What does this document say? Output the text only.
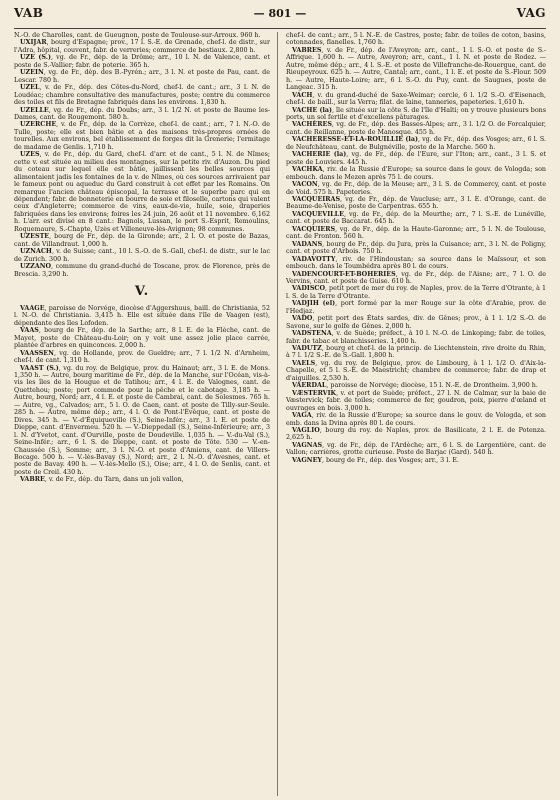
VAB	— 801 —	VAG

N.-O. de Charolles, cant. de Gueugnon, poste de Toulouse-sur-Arroux. 960 h.

UXIJAR, bourg d'Espagne; prov., 17 l. S.-E. de Grenade, chef-l. de distr., sur l'Adra, hôpital, couvent, fabr. de verreries; commerce de bestiaux. 2,800 h.

UZE (S.), vg. de Fr., dép. de la Drôme; arr., 10 l. N. de Valence, cant. et poste de S.-Vallier; fabr. de poterie. 365 h.

UZEIN, vg. de Fr., dép. des B.-Pyrén.; arr., 3 l. N. et poste de Pau, cant. de Lescar. 780 h.

UZEL, v. de Fr., dép. des Côtes-du-Nord, chef-l. de cant.; arr., 3 l. N. de Loudéac; chambre consultative des manufactures, poste; centre du commerce des toiles et fils de Bretagne fabriqués dans les environs. 1,830 h.

UZELLE, vg. de Fr., dép. du Doubs; arr., 3 l. 1/2 N. et poste de Baume les-Dames, cant. de Rougemont. 580 h.

UZERCHE, v. de Fr., dép. de la Corrèze, chef-l. de cant.; arr., 7 l. N.-O. de Tulle, poste; elle est bien bâtie et a des maisons très-propres ornées de tourelles. Aux environs, bel établissement de forges dit la Grenerie; l'ermitage de madame de Genlis. 1,710 h.

UZES, v. de Fr., dép. du Gard, chef-l. d'arr. et de cant., 5 l. N. de Nîmes; cette v. est située au milieu des montagnes, sur la petite riv. d'Auzon. Du pied du coteau sur lequel elle est bâtie, jaillissent les belles sources qui alimentaient jadis les fontaines de la v. de Nîmes, où ces sources arrivaient par le fameux pont ou aqueduc du Gard construit à cet effet par les Romains. On remarque l'ancien château épiscopal, la terrasse et le superbe parc qui en dépendent; fabr. de bonneterie en bourre de soie et filoselle, cartons qui valent ceux d'Angleterre; commerce de vins, eaux-de-vie, huile, soie, draperies fabriquées dans les environs; foires les 24 juin, 26 août et 11 novembre. 6,162 h. L'arr. est divisé en 8 cant.: Bagnols, Lussan, le port S.-Esprit, Remoulins, Roquemaure, S.-Chapte, Uzès et Villeneuve-lès-Avignon; 98 communes.

UZESTE, bourg de Fr., dép. de la Gironde; arr., 2 l. O. et poste de Bazas, cant. de Villandraut. 1,000 h.

UZNACH, v. de Suisse; cant., 10 l. S.-O. de S.-Gall, chef-l. de distr., sur le lac de Zurich. 300 h.

UZZANO, commune du grand-duché de Toscane, prov. de Florence, près de Brescia. 3,290 h.

V.

VAAGE, paroisse de Norvége, diocèse d'Aggershuus, baill. de Christiania, 52 l. N.-O. de Christiania. 3,415 h. Elle est située dans l'île de Vaagen (est), dépendante des îles Lofoden.

VAAS, bourg de Fr., dép. de la Sarthe; arr., 8 l. E. de la Flèche, cant. de Mayet, poste de Château-du-Loir; on y voit une assez jolie place carrée, plantée d'arbres en quinconces. 2,000 h.

VAASSEN, vg. de Hollande, prov. de Gueldre; arr., 7 l. 1/2 N. d'Arnheim, chef-l. de cant. 1,310 h.

VAAST (S.), vg. du roy. de Belgique, prov. du Hainaut; arr., 3 l. E. de Mons. 1,350 h. — Autre, bourg maritime de Fr., dép. de la Manche, sur l'Océan, vis-à-vis les îles de la Hougue et de Tatihou; arr., 4 l. E. de Valognes, cant. de Quettehou; poste; port commode pour la pêche et le cabotage. 3,185 h. — Autre, bourg, Nord; arr., 4 l. E. et poste de Cambrai, cant. de Solesmes. 765 h. — Autre, vg., Calvados; arr., 5 l. O. de Caen, cant. et poste de Tilly-sur-Seule. 285 h. — Autre, même dép.; arr., 4 l. O. de Pont-l'Évêque, cant. et poste de Dives. 345 h. — V.-d'Équiqueville (S.), Seine-Infér.; arr., 3 l. E. et poste de Dieppe, cant. d'Envermeu. 520 h. — V.-Dieppedall (S.), Seine-Inférieure; arr., 3 l. N. d'Yvetot, cant. d'Ourville, poste de Doudeville. 1,035 h. — V.-du-Val (S.), Seine-Infér.; arr., 6 l. S. de Dieppe, cant. et poste de Tôte. 530 — V.-en-Chaussée (S.), Somme; arr., 3 l. N.-O. et poste d'Amiens, cant. de Villers-Bocage. 500 h. — V.-lès-Bavay (S.), Nord; arr., 2 l. N.-O. d'Avesnes, cant. et poste de Bavay. 490 h. — V.-lès-Mello (S.), Oise; arr., 4 l. O. de Senlis, cant. et poste de Creil. 430 h.

VABRE, v. de Fr., dép. du Tarn, dans un joli vallon,

chef-l. de cant.; arr., 5 l. N.-E. de Castres, poste; fabr. de toiles de coton, basins, cotonnades, flanelles. 1,760 h.

VABRES, v. de Fr., dép. de l'Aveyron; arr., cant., 1 l. S.-O. et poste de S.-Affrique. 1,600 h. — Autre, Aveyron; arr., cant., 1 l. N. et poste de Rodez. — Autre, même dép.; arr., 4 l. S.-E. et poste de Villefranche-de-Rouergue, cant. de Rieupeyroux. 625 h. — Autre, Cantal; arr., cant., 1 l. E. et poste de S.-Flour. 509 h. — Autre, Haute-Loire; arr., 6 l. S.-O. du Puy, cant. de Saugues, poste de Langeac. 315 h.

VACH, v. du grand-duché de Saxe-Weimar; cercle, 6 l. 1/2 S.-O. d'Eisenach, chef-l. de baill., sur la Verra; filat. de laine, tanneries, papeteries. 1,610 h.

VACHE (la), île située sur la côte S. de l'île d'Haïti; on y trouve plusieurs bons ports, un sol fertile et d'excellens pâturages.

VACHÈRES, vg. de Fr., dép. des Basses-Alpes; arr., 3 l. 1/2 O. de Forcalquier, cant. de Reillanne, poste de Manosque. 455 h.

VACHERESSE-ET-LA-ROUILLIE (la), vg. de Fr., dép. des Vosges; arr., 6 l. S. de Neufchâteau, cant. de Bulgnéville, poste de la Marche. 560 h.

VACHERIE (la), vg. de Fr., dép. de l'Eure, sur l'Iton; arr., cant., 3 l. S. et poste de Louviers. 445 h.

VACHKA, riv. de la Russie d'Europe; sa source dans le gouv. de Vologda; son embouch. dans le Mezen après 75 l. de cours.

VACON, vg. de Fr., dép. de la Meuse; arr., 3 l. S. de Commercy, cant. et poste de Void. 575 h. Papeteries.

VACQUEIRAS, vg. de Fr., dép. de Vaucluse; arr., 3 l. E. d'Orange, cant. de Beaume-de-Venise, poste de Carpentras. 655 h.

VACQUEVILLE, vg. de Fr., dép. de la Meurthe; arr., 7 l. S.-E. de Lunéville, cant. et poste de Baccarat. 645 h.

VACQUIERS, vg. de Fr., dép. de la Haute-Garonne; arr., 5 l. N. de Toulouse, cant. de Fronton. 560 h.

VADANS, bourg de Fr., dép. du Jura, près la Cuisance; arr., 3 l. N. de Poligny, cant. et poste d'Arbois. 750 h.

VADAVOTTY, riv. de l'Hindoustan; sa source dans le Maïssour, et son embouch. dans le Toumbédra après 80 l. de cours.

VADENCOURT-ET-BOHERIES, vg. de Fr., dép. de l'Aisne; arr., 7 l. O. de Vervins, cant. et poste de Guise. 610 h.

VADISCO, petit port de mer du roy. de Naples, prov. de la Terre d'Otrante, à 1 l. S. de la Terre d'Otrante.

VADJIH (el), port formé par la mer Rouge sur la côte d'Arabie, prov. de l'Hedjaz.

VADO, petit port des États sardes, div. de Gênes; prov., à 1 l. 1/2 S.-O. de Savone, sur le golfe de Gênes. 2,000 h.

VADSTENA, v. de Suède; préfect., à 10 l. N.-O. de Linkoping; fabr. de toiles, fabr. de tabac et blanchisseries. 1,400 h.

VADUTZ, bourg et chef-l. de la princip. de Liechtenstein, rive droite du Rhin, à 7 l. 1/2 S.-E. de S.-Gall. 1,800 h.

VAELS, vg. du roy. de Belgique, prov. de Limbourg, à 1 l. 1/2 O. d'Aix-la-Chapelle, et 5 l. S.-E. de Maestricht; chambre de commerce; fabr. de drap et d'aiguilles. 2,530 h.

VAERDAL, paroisse de Norvége; diocèse, 15 l. N.-E. de Drontheim. 3,900 h.

VÆSTERVIK, v. et port de Suède; préfect., 27 l. N. de Calmar, sur la baie de Væstervick; fabr. de toiles; commerce de fer, goudron, poix, pierre d'œland et ouvrages en bois. 3,000 h.

VAGA, riv. de la Russie d'Europe; sa source dans le gouv. de Vologda, et son emb. dans la Dvina après 80 l. de cours.

VAGLIO, bourg du roy. de Naples, prov. de Basilicate, 2 l. E. de Potenza. 2,625 h.

VAGNAS, vg. de Fr., dép. de l'Ardèche; arr., 6 l. S. de Largentière, cant. de Vallon; carrières, grotte curieuse. Poste de Barjac (Gard). 540 h.

VAGNEY, bourg de Fr., dép. des Vosges; arr., 3 l. E.
